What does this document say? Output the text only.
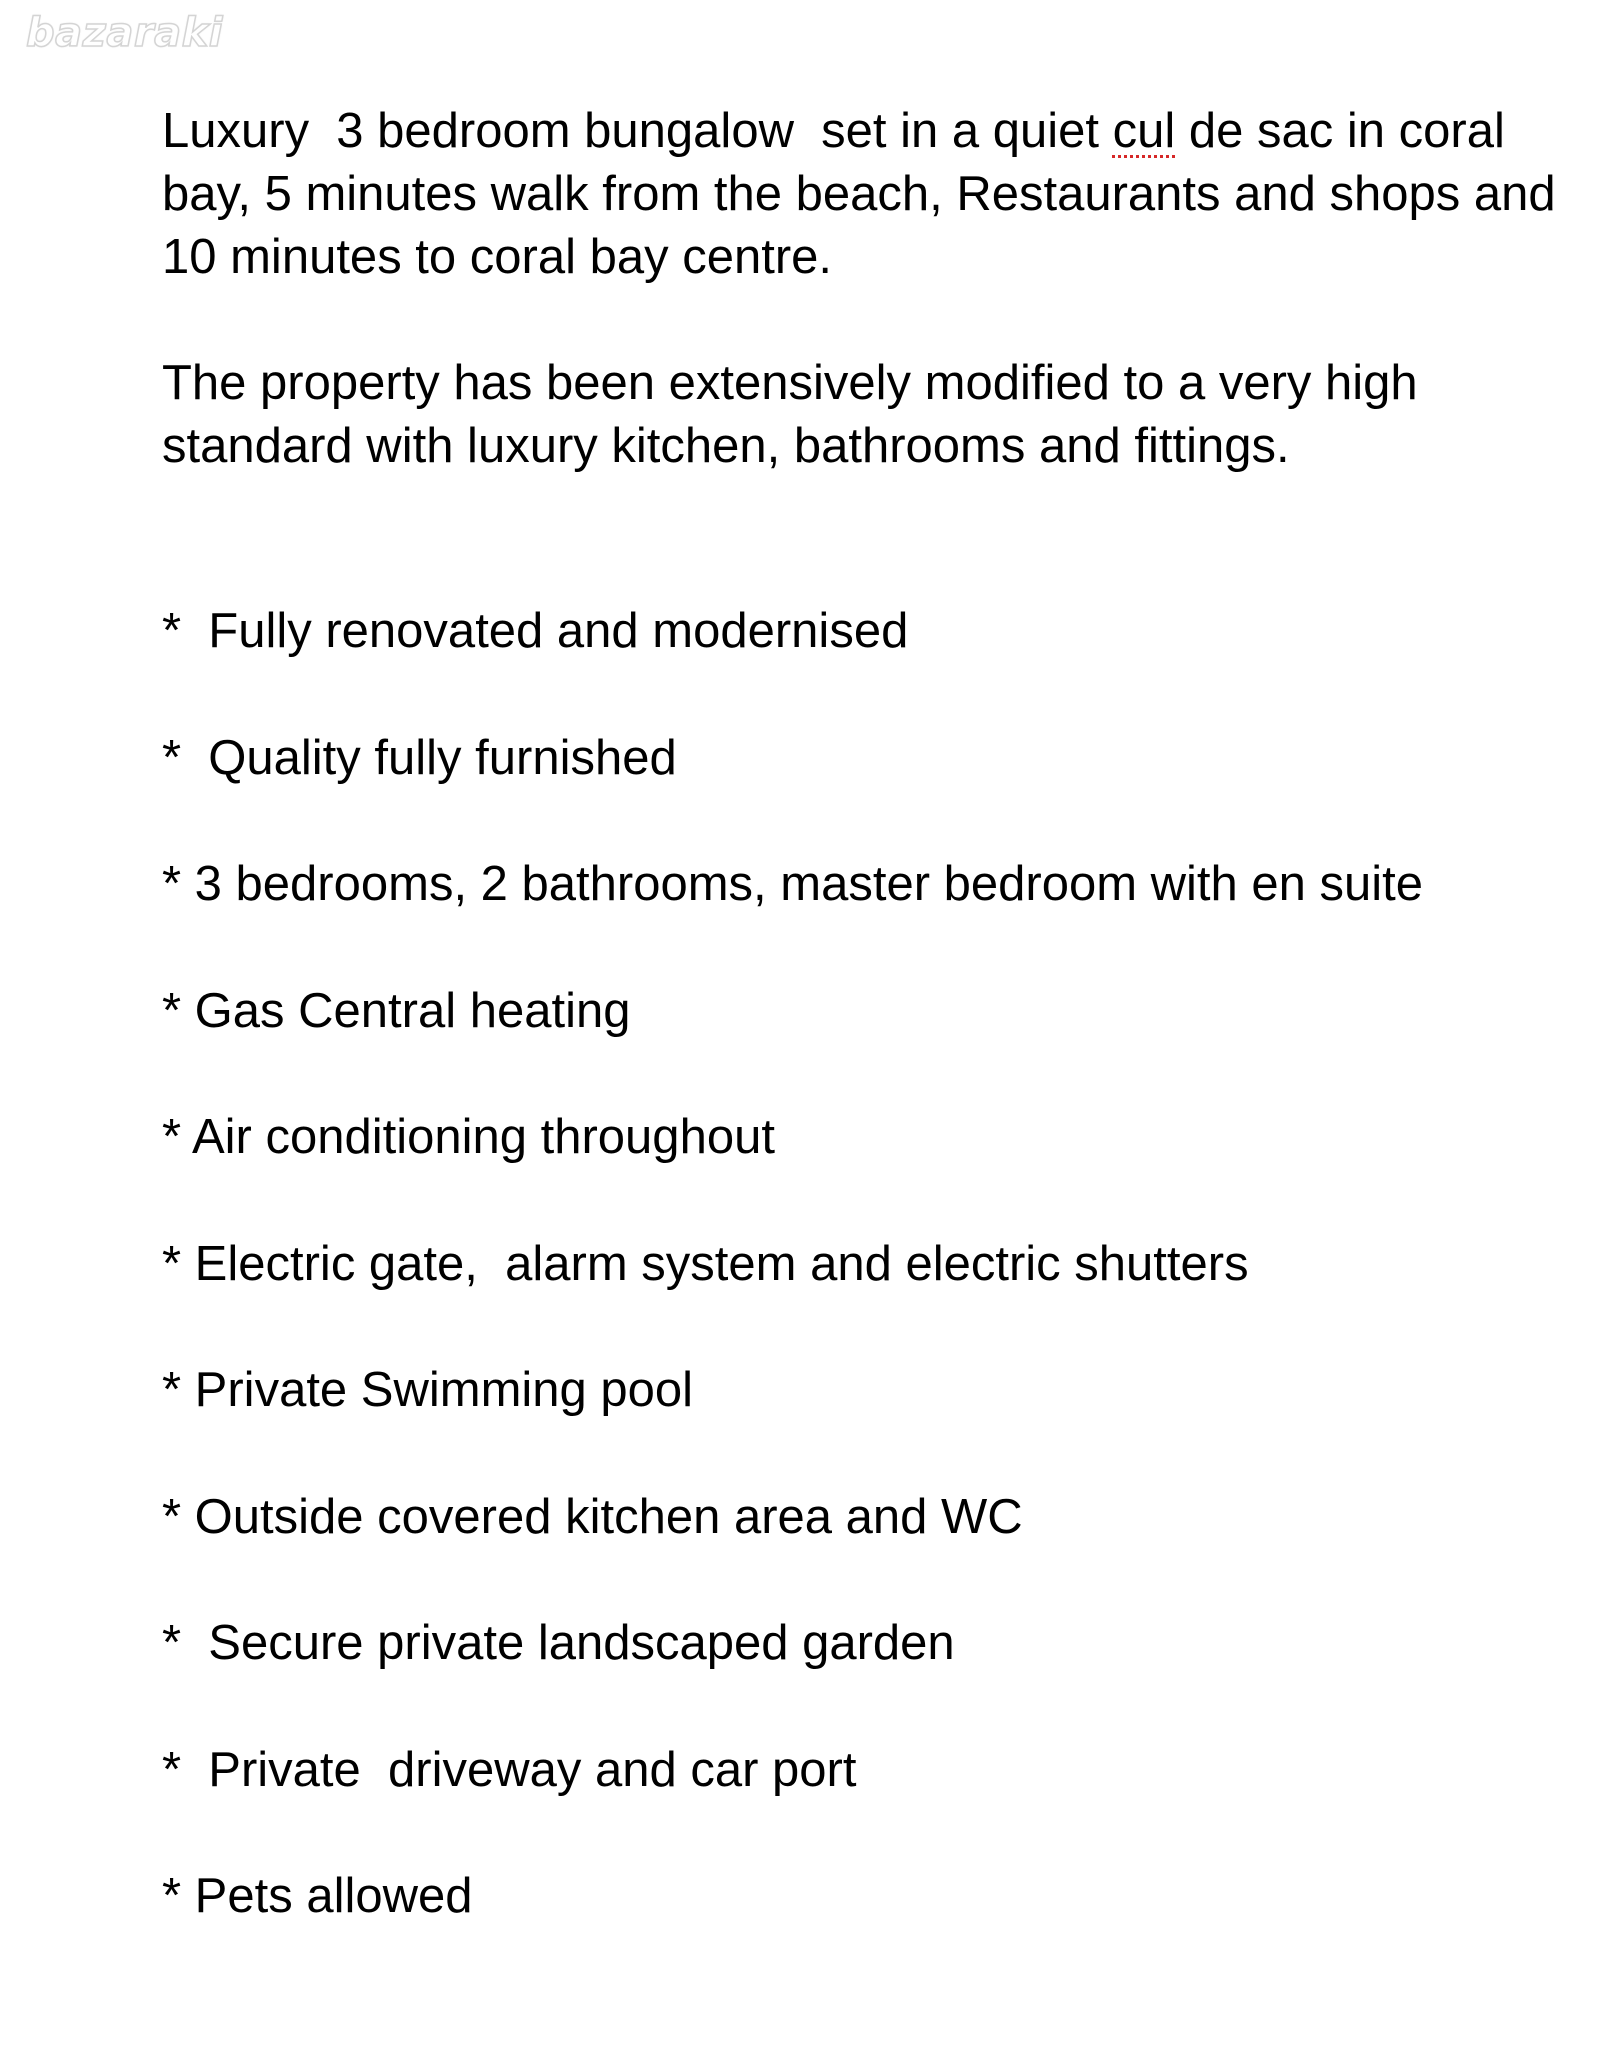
bazaraki

Luxury  3 bedroom bungalow  set in a quiet cul de sac in coral bay, 5 minutes walk from the beach, Restaurants and shops and 10 minutes to coral bay centre.

The property has been extensively modified to a very high standard with luxury kitchen, bathrooms and fittings.

*  Fully renovated and modernised
*  Quality fully furnished
* 3 bedrooms, 2 bathrooms, master bedroom with en suite
* Gas Central heating
* Air conditioning throughout
* Electric gate,  alarm system and electric shutters
* Private Swimming pool
* Outside covered kitchen area and WC
*  Secure private landscaped garden
*  Private  driveway and car port
* Pets allowed
